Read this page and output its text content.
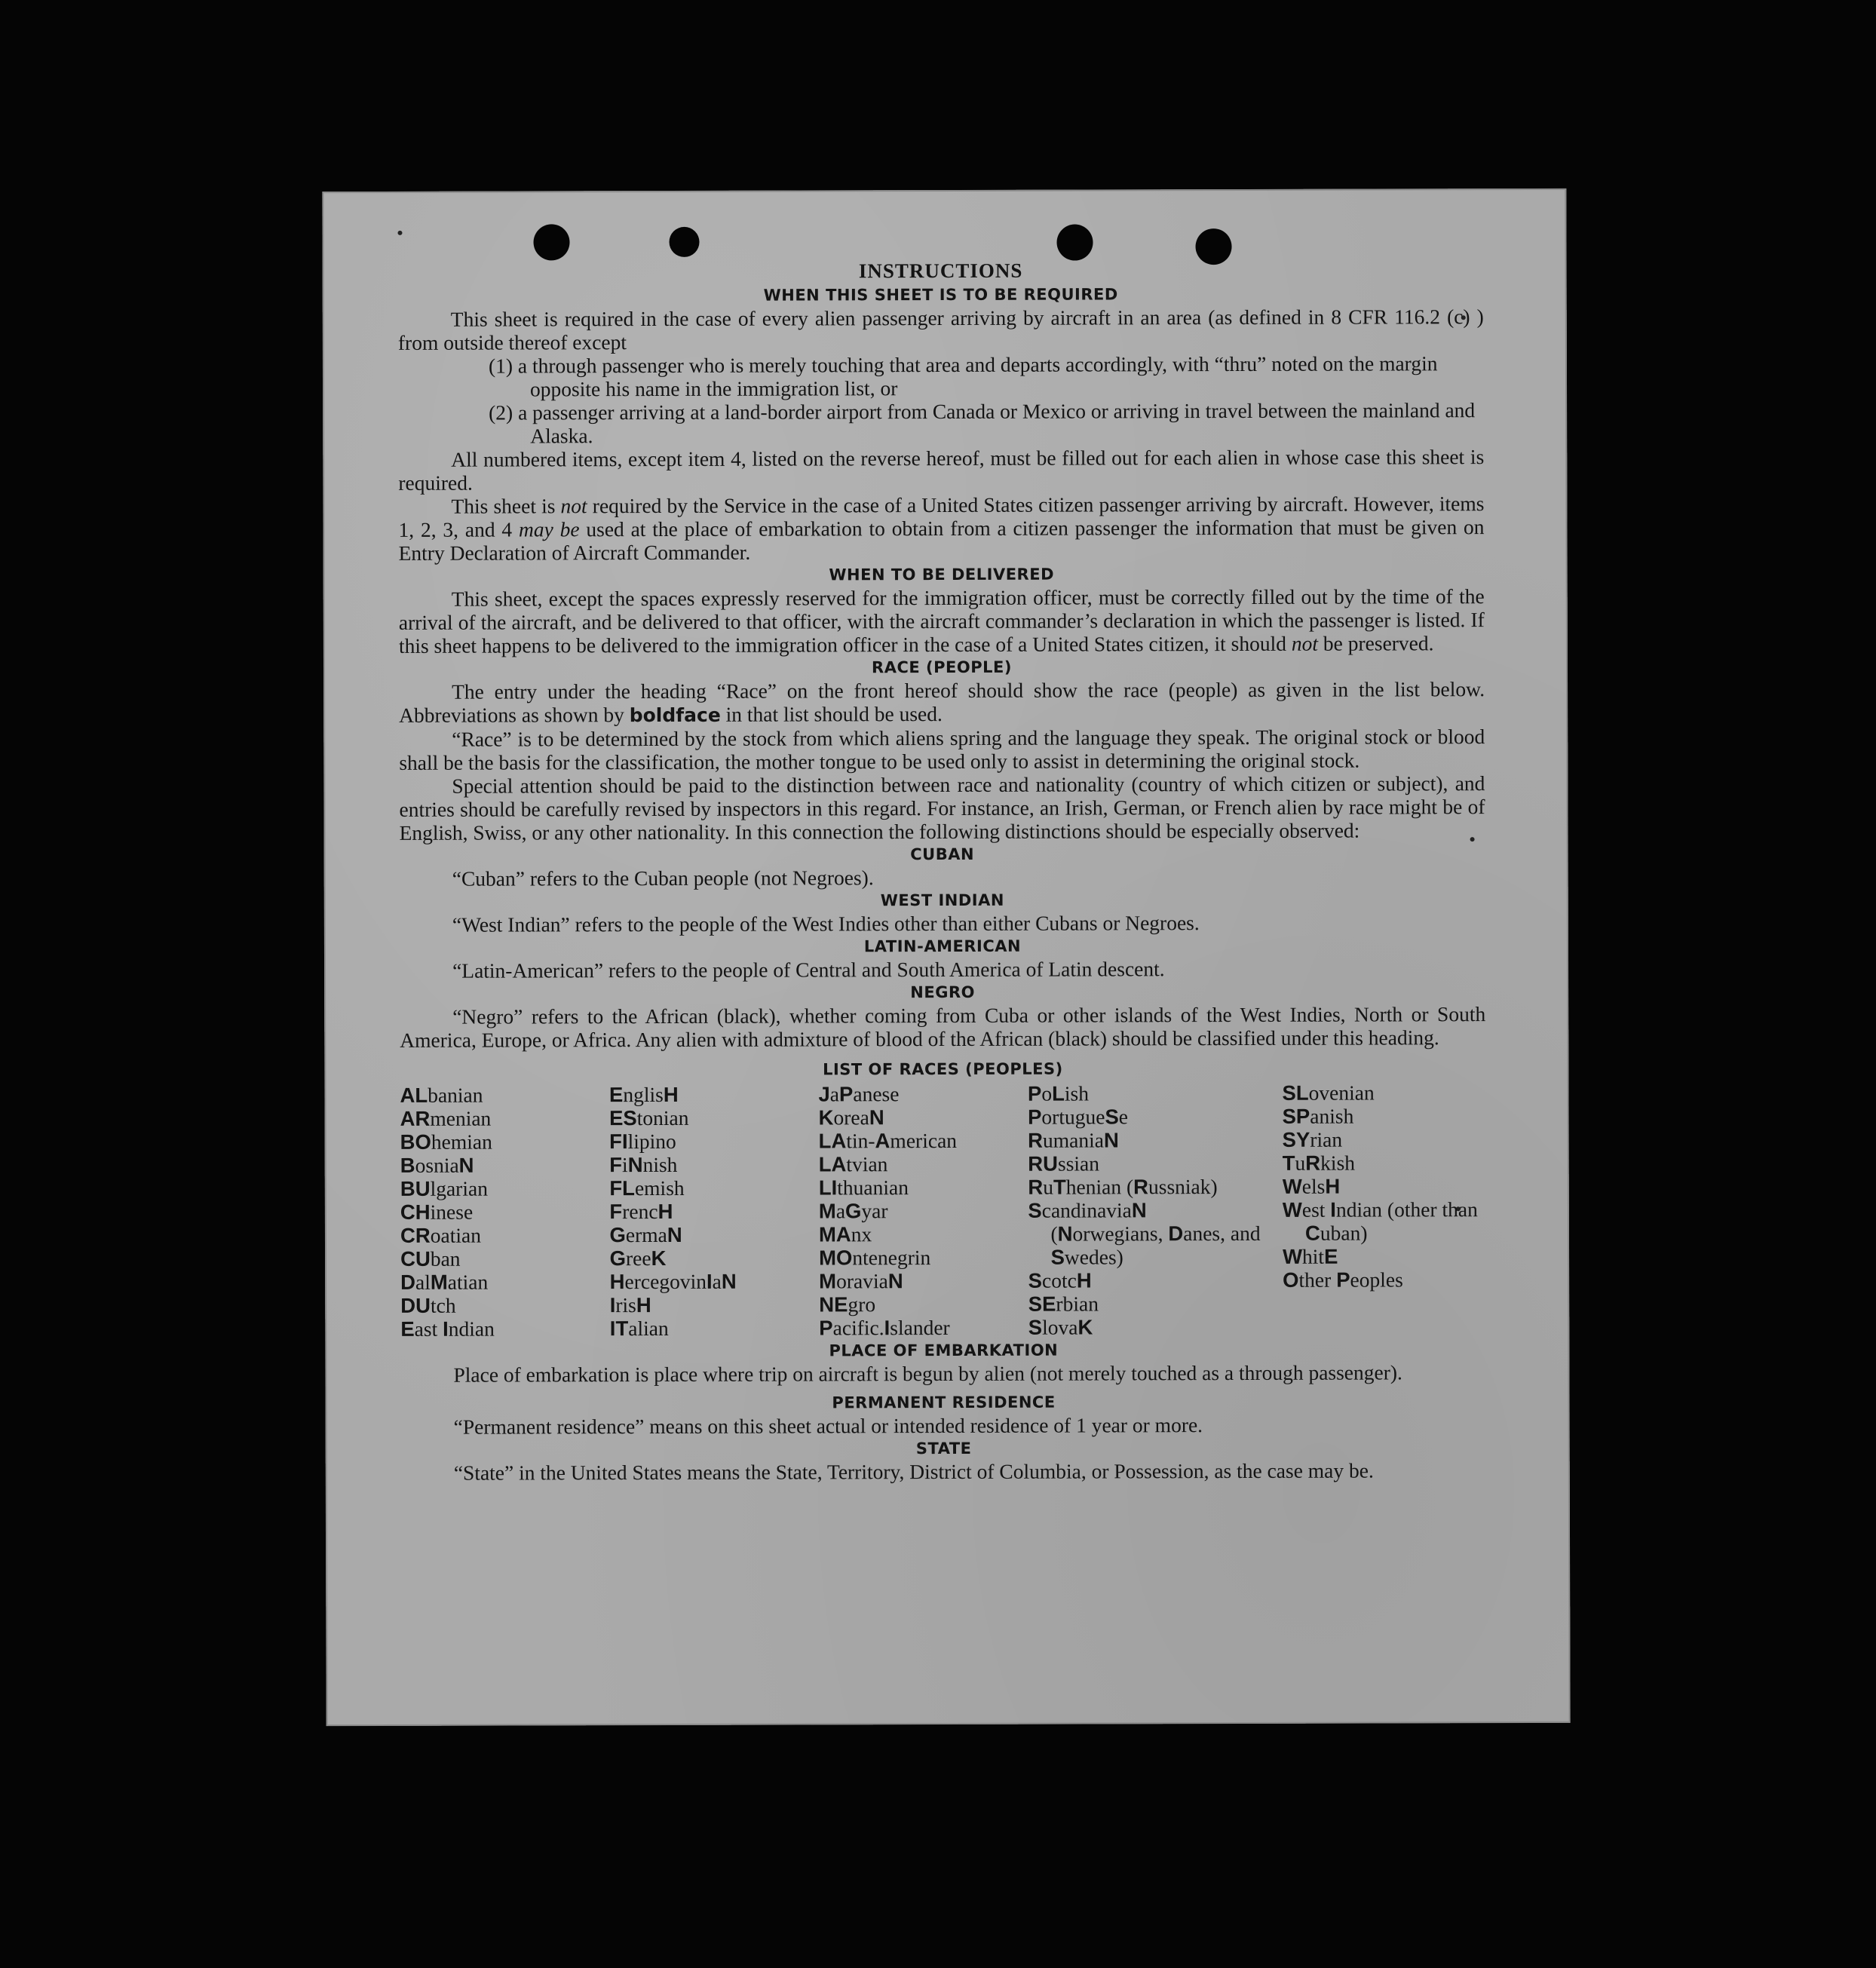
INSTRUCTIONS
WHEN THIS SHEET IS TO BE REQUIRED

This sheet is required in the case of every alien passenger arriving by aircraft in an area (as defined in 8 CFR 116.2 (c) ) from outside thereof except

(1) a through passenger who is merely touching that area and departs accordingly, with “thru” noted on the margin opposite his name in the immigration list, or

(2) a passenger arriving at a land-border airport from Canada or Mexico or arriving in travel between the mainland and Alaska.

All numbered items, except item 4, listed on the reverse hereof, must be filled out for each alien in whose case this sheet is required.

This sheet is not required by the Service in the case of a United States citizen passenger arriving by aircraft. However, items 1, 2, 3, and 4 may be used at the place of embarkation to obtain from a citizen passenger the information that must be given on Entry Declaration of Aircraft Commander.

WHEN TO BE DELIVERED

This sheet, except the spaces expressly reserved for the immigration officer, must be correctly filled out by the time of the arrival of the aircraft, and be delivered to that officer, with the aircraft commander’s declaration in which the passenger is listed. If this sheet happens to be delivered to the immigration officer in the case of a United States citizen, it should not be preserved.

RACE (PEOPLE)

The entry under the heading “Race” on the front hereof should show the race (people) as given in the list below. Abbreviations as shown by boldface in that list should be used.

“Race” is to be determined by the stock from which aliens spring and the language they speak. The original stock or blood shall be the basis for the classification, the mother tongue to be used only to assist in determining the original stock.

Special attention should be paid to the distinction between race and nationality (country of which citizen or subject), and entries should be carefully revised by inspectors in this regard. For instance, an Irish, German, or French alien by race might be of English, Swiss, or any other nationality. In this connection the following distinctions should be especially observed:

CUBAN

“Cuban” refers to the Cuban people (not Negroes).

WEST INDIAN

“West Indian” refers to the people of the West Indies other than either Cubans or Negroes.

LATIN-AMERICAN

“Latin-American” refers to the people of Central and South America of Latin descent.

NEGRO

“Negro” refers to the African (black), whether coming from Cuba or other islands of the West Indies, North or South America, Europe, or Africa. Any alien with admixture of blood of the African (black) should be classified under this heading.

LIST OF RACES (PEOPLES)
ALbanian
ARmenian
BOhemian
BosniaN
BUlgarian
CHinese
CRoatian
CUban
DalMatian
DUtch
East Indian
EnglisH
EStonian
FIlipino
FiNnish
FLemish
FrencH
GermaN
GreeK
HercegovinIaN
IrisH
ITalian
JaPanese
KoreaN
LAtin-American
LAtvian
LIthuanian
MaGyar
MAnx
MOntenegrin
MoraviaN
NEgro
Pacific.Islander
PoLish
PortugueSe
RumaniaN
RUssian
RuThenian (Russniak)
ScandinaviaN (Norwegians, Danes, and Swedes)
ScotcH
SErbian
SlovaK
SLovenian
SPanish
SYrian
TuRkish
WelsH
West Indian (other than Cuban)
WhitE
Other Peoples
PLACE OF EMBARKATION

Place of embarkation is place where trip on aircraft is begun by alien (not merely touched as a through passenger).

PERMANENT RESIDENCE

“Permanent residence” means on this sheet actual or intended residence of 1 year or more.

STATE

“State” in the United States means the State, Territory, District of Columbia, or Possession, as the case may be.
